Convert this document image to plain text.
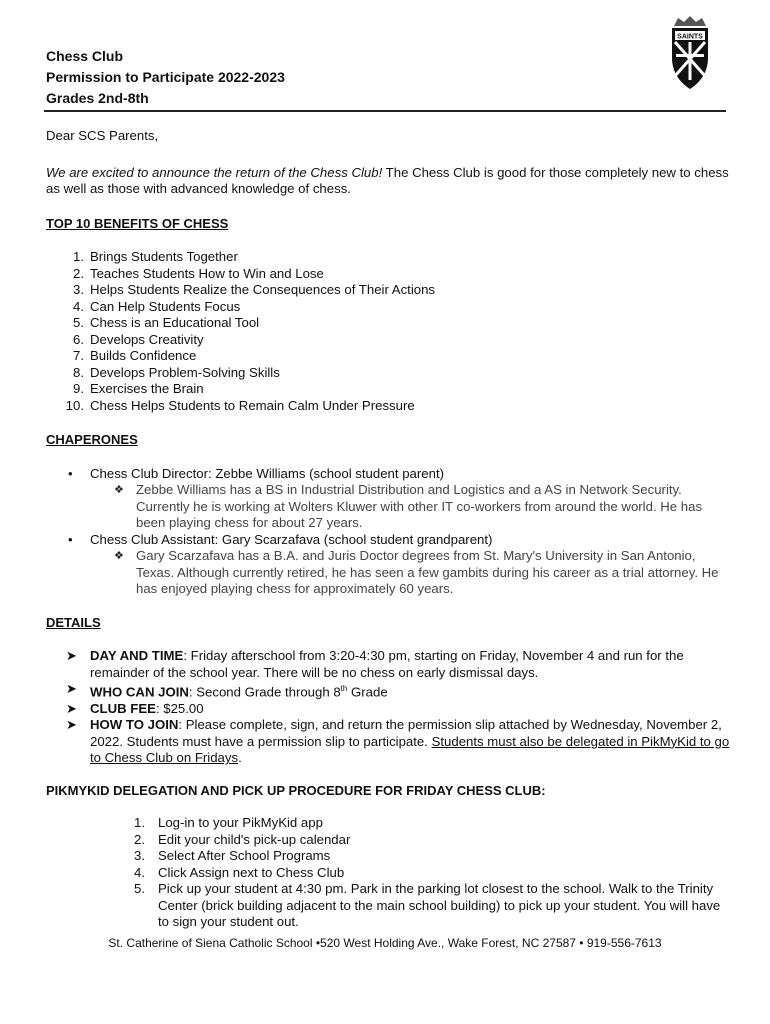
Chess Club
Permission to Participate 2022-2023
Grades 2nd-8th
SAINTS

Dear SCS Parents,

We are excited to announce the return of the Chess Club! The Chess Club is good for those completely new to chess as well as those with advanced knowledge of chess.

TOP 10 BENEFITS OF CHESS

1. Brings Students Together
2. Teaches Students How to Win and Lose
3. Helps Students Realize the Consequences of Their Actions
4. Can Help Students Focus
5. Chess is an Educational Tool
6. Develops Creativity
7. Builds Confidence
8. Develops Problem-Solving Skills
9. Exercises the Brain
10. Chess Helps Students to Remain Calm Under Pressure

CHAPERONES

• Chess Club Director: Zebbe Williams (school student parent)
❖ Zebbe Williams has a BS in Industrial Distribution and Logistics and a AS in Network Security. Currently he is working at Wolters Kluwer with other IT co-workers from around the world. He has been playing chess for about 27 years.
• Chess Club Assistant: Gary Scarzafava (school student grandparent)
❖ Gary Scarzafava has a B.A. and Juris Doctor degrees from St. Mary's University in San Antonio, Texas. Although currently retired, he has seen a few gambits during his career as a trial attorney. He has enjoyed playing chess for approximately 60 years.

DETAILS

➤ DAY AND TIME: Friday afterschool from 3:20-4:30 pm, starting on Friday, November 4 and run for the remainder of the school year. There will be no chess on early dismissal days.
➤ WHO CAN JOIN: Second Grade through 8th Grade
➤ CLUB FEE: $25.00
➤ HOW TO JOIN: Please complete, sign, and return the permission slip attached by Wednesday, November 2, 2022. Students must have a permission slip to participate. Students must also be delegated in PikMyKid to go to Chess Club on Fridays.

PIKMYKID DELEGATION AND PICK UP PROCEDURE FOR FRIDAY CHESS CLUB:

1. Log-in to your PikMyKid app
2. Edit your child's pick-up calendar
3. Select After School Programs
4. Click Assign next to Chess Club
5. Pick up your student at 4:30 pm. Park in the parking lot closest to the school. Walk to the Trinity Center (brick building adjacent to the main school building) to pick up your student. You will have to sign your student out.
St. Catherine of Siena Catholic School •520 West Holding Ave., Wake Forest, NC 27587 • 919-556-7613
